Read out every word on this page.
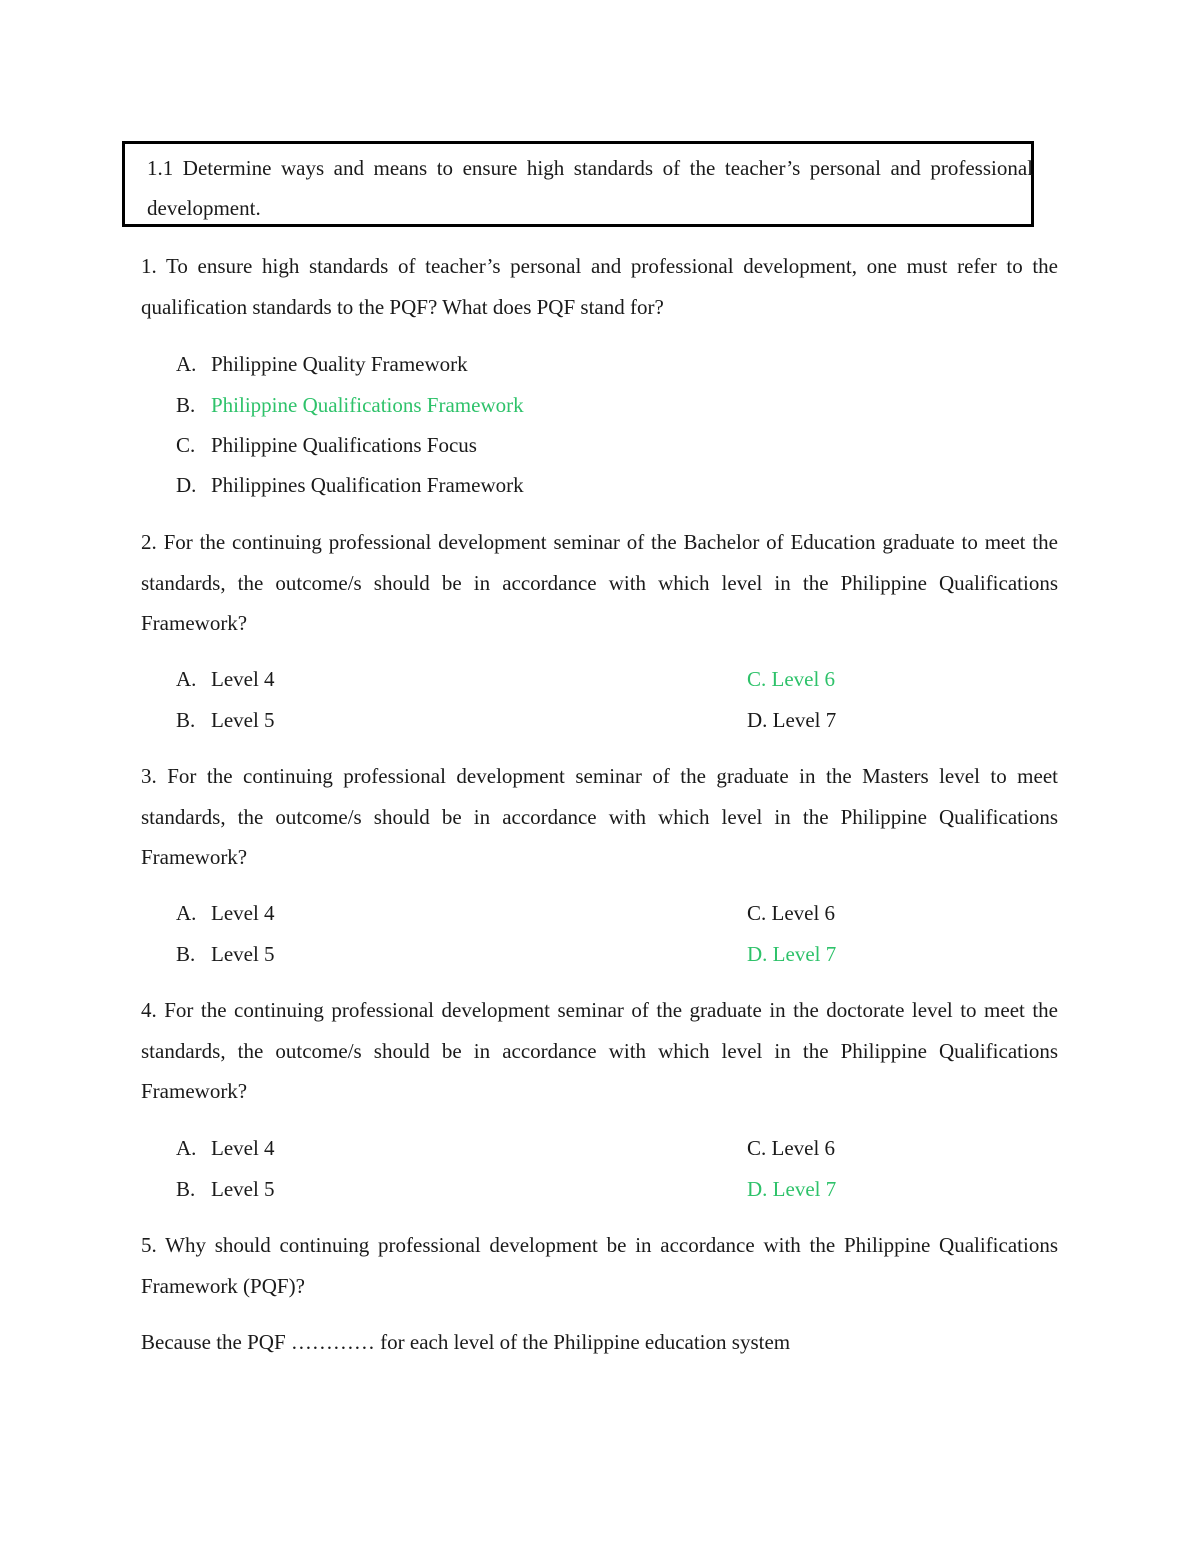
1.1 Determine ways and means to ensure high standards of the teacher’s personal and professional development.
1. To ensure high standards of teacher’s personal and professional development, one must refer to the qualification standards to the PQF? What does PQF stand for?
A. Philippine Quality Framework
B. Philippine Qualifications Framework
C. Philippine Qualifications Focus
D. Philippines Qualification Framework
2. For the continuing professional development seminar of the Bachelor of Education graduate to meet the standards, the outcome/s should be in accordance with which level in the Philippine Qualifications Framework?
A. Level 4
B. Level 5
C. Level 6
D. Level 7
3. For the continuing professional development seminar of the graduate in the Masters level to meet standards, the outcome/s should be in accordance with which level in the Philippine Qualifications Framework?
A. Level 4
B. Level 5
C. Level 6
D. Level 7
4. For the continuing professional development seminar of the graduate in the doctorate level to meet the standards, the outcome/s should be in accordance with which level in the Philippine Qualifications Framework?
A. Level 4
B. Level 5
C. Level 6
D. Level 7
5. Why should continuing professional development be in accordance with the Philippine Qualifications Framework (PQF)?
Because the PQF ………… for each level of the Philippine education system
